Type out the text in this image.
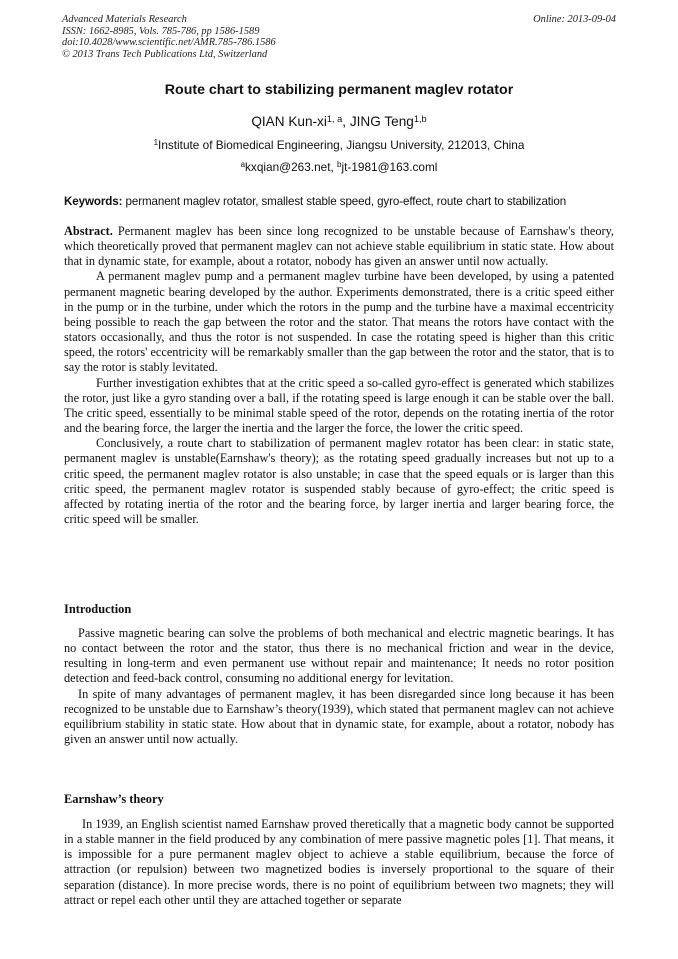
Advanced Materials Research
ISSN: 1662-8985, Vols. 785-786, pp 1586-1589
doi:10.4028/www.scientific.net/AMR.785-786.1586
© 2013 Trans Tech Publications Ltd, Switzerland
Online: 2013-09-04
Route chart to stabilizing permanent maglev rotator
QIAN Kun-xi$^{1, a}$, JING Teng$^{1,b}$
$^1$Institute of Biomedical Engineering, Jiangsu University, 212013, China
$^a$kxqian@263.net, $^b$jt-1981@163.coml
Keywords: permanent maglev rotator, smallest stable speed, gyro-effect, route chart to stabilization

Abstract. Permanent maglev has been since long recognized to be unstable because of Earnshaw's theory, which theoretically proved that permanent maglev can not achieve stable equilibrium in static state. How about that in dynamic state, for example, about a rotator, nobody has given an answer until now actually.

A permanent maglev pump and a permanent maglev turbine have been developed, by using a patented permanent magnetic bearing developed by the author. Experiments demonstrated, there is a critic speed either in the pump or in the turbine, under which the rotors in the pump and the turbine have a maximal eccentricity being possible to reach the gap between the rotor and the stator. That means the rotors have contact with the stators occasionally, and thus the rotor is not suspended. In case the rotating speed is higher than this critic speed, the rotors' eccentricity will be remarkably smaller than the gap between the rotor and the stator, that is to say the rotor is stably levitated.

Further investigation exhibtes that at the critic speed a so-called gyro-effect is generated which stabilizes the rotor, just like a gyro standing over a ball, if the rotating speed is large enough it can be stable over the ball. The critic speed, essentially to be minimal stable speed of the rotor, depends on the rotating inertia of the rotor and the bearing force, the larger the inertia and the larger the force, the lower the critic speed.

Conclusively, a route chart to stabilization of permanent maglev rotator has been clear: in static state, permanent maglev is unstable(Earnshaw's theory); as the rotating speed gradually increases but not up to a critic speed, the permanent maglev rotator is also unstable; in case that the speed equals or is larger than this critic speed, the permanent maglev rotator is suspended stably because of gyro-effect; the critic speed is affected by rotating inertia of the rotor and the bearing force, by larger inertia and larger bearing force, the critic speed will be smaller.

Introduction

Passive magnetic bearing can solve the problems of both mechanical and electric magnetic bearings. It has no contact between the rotor and the stator, thus there is no mechanical friction and wear in the device, resulting in long-term and even permanent use without repair and maintenance; It needs no rotor position detection and feed-back control, consuming no additional energy for levitation.

In spite of many advantages of permanent maglev, it has been disregarded since long because it has been recognized to be unstable due to Earnshaw’s theory(1939), which stated that permanent maglev can not achieve equilibrium stability in static state. How about that in dynamic state, for example, about a rotator, nobody has given an answer until now actually.

Earnshaw’s theory

In 1939, an English scientist named Earnshaw proved theretically that a magnetic body cannot be supported in a stable manner in the field produced by any combination of mere passive magnetic poles [1]. That means, it is impossible for a pure permanent maglev object to achieve a stable equilibrium, because the force of attraction (or repulsion) between two magnetized bodies is inversely proportional to the square of their separation (distance). In more precise words, there is no point of equilibrium between two magnets; they will attract or repel each other until they are attached together or separate
